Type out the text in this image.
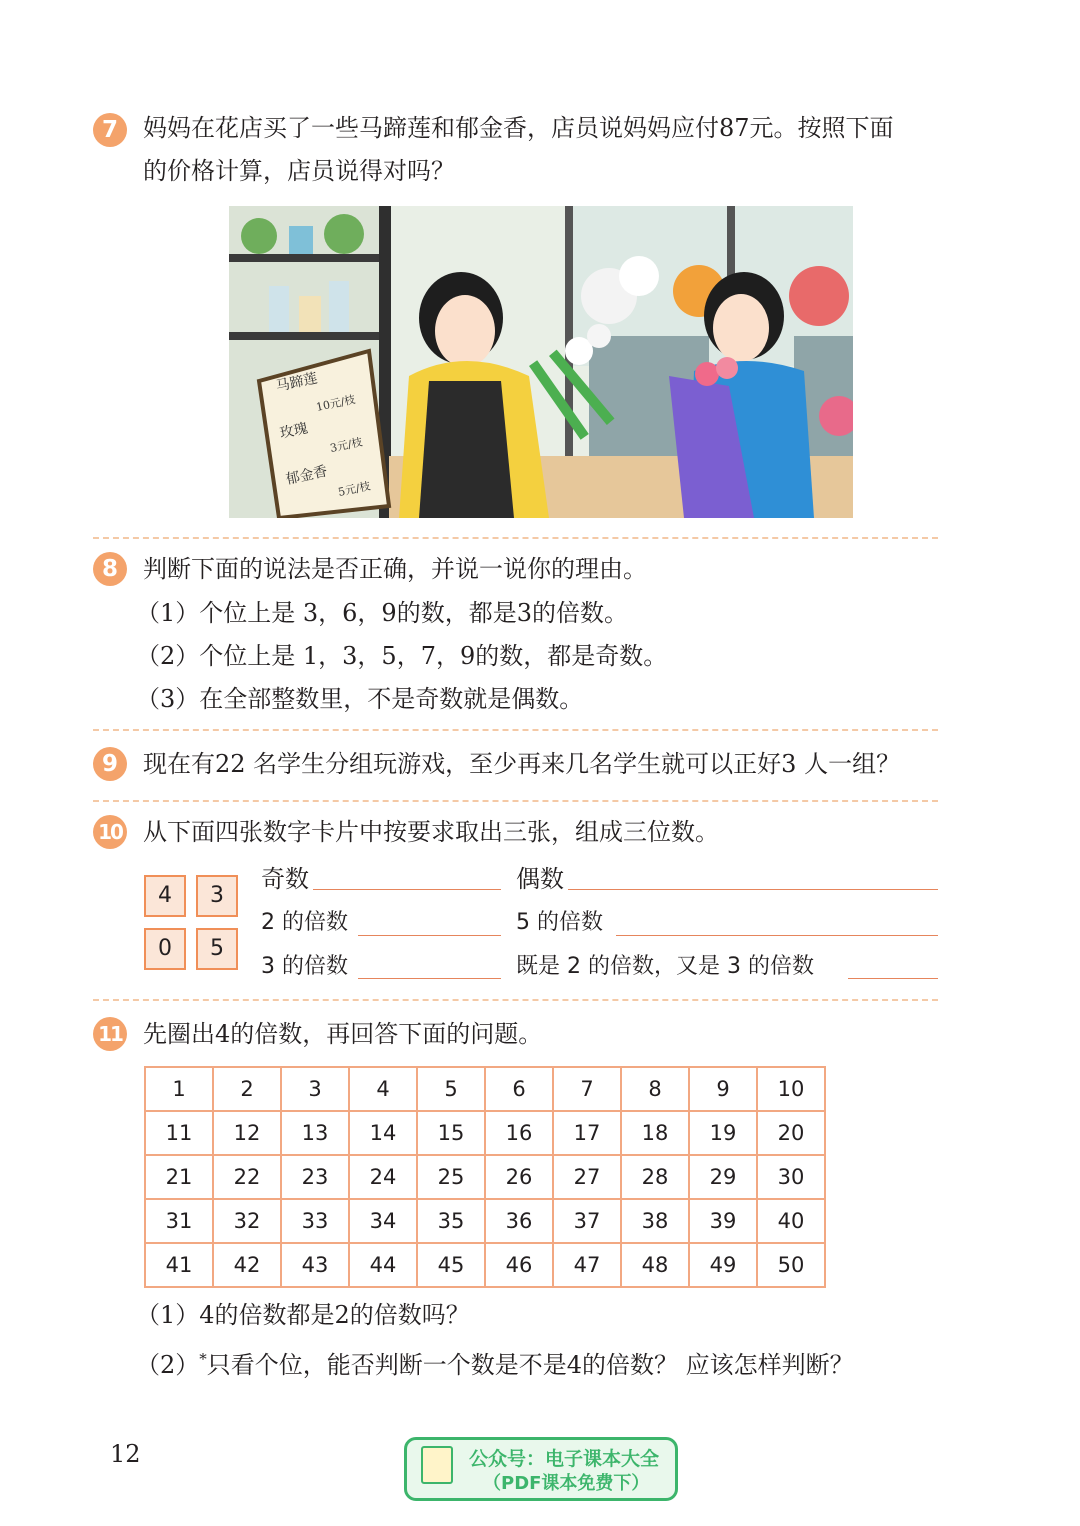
7	妈妈在花店买了一些马蹄莲和郁金香，店员说妈妈应付87元。按照下面
的价格计算，店员说得对吗？
马蹄莲
10元/枝
玫瑰
3元/枝
郁金香
5元/枝
8	判断下面的说法是否正确，并说一说你的理由。
（1）个位上是 3，6，9的数，都是3的倍数。
（2）个位上是 1，3，5，7，9的数，都是奇数。
（3）在全部整数里，不是奇数就是偶数。
9	现在有22 名学生分组玩游戏，至少再来几名学生就可以正好3 人一组？
10 从下面四张数字卡片中按要求取出三张，组成三位数。
4	3
0	5
奇数	偶数
2 的倍数	5 的倍数
3 的倍数	既是 2 的倍数，又是 3 的倍数
11 先圈出4的倍数，再回答下面的问题。
1	2	3	4	5	6	7	8	9	10
11	12	13	14	15	16	17	18	19	20
21	22	23	24	25	26	27	28	29	30
31	32	33	34	35	36	37	38	39	40
41	42	43	44	45	46	47	48	49	50
（1）4的倍数都是2的倍数吗？
（2）*只看个位，能否判断一个数是不是4的倍数？ 应该怎样判断？
12	公众号：电子课本大全
（PDF课本免费下）
